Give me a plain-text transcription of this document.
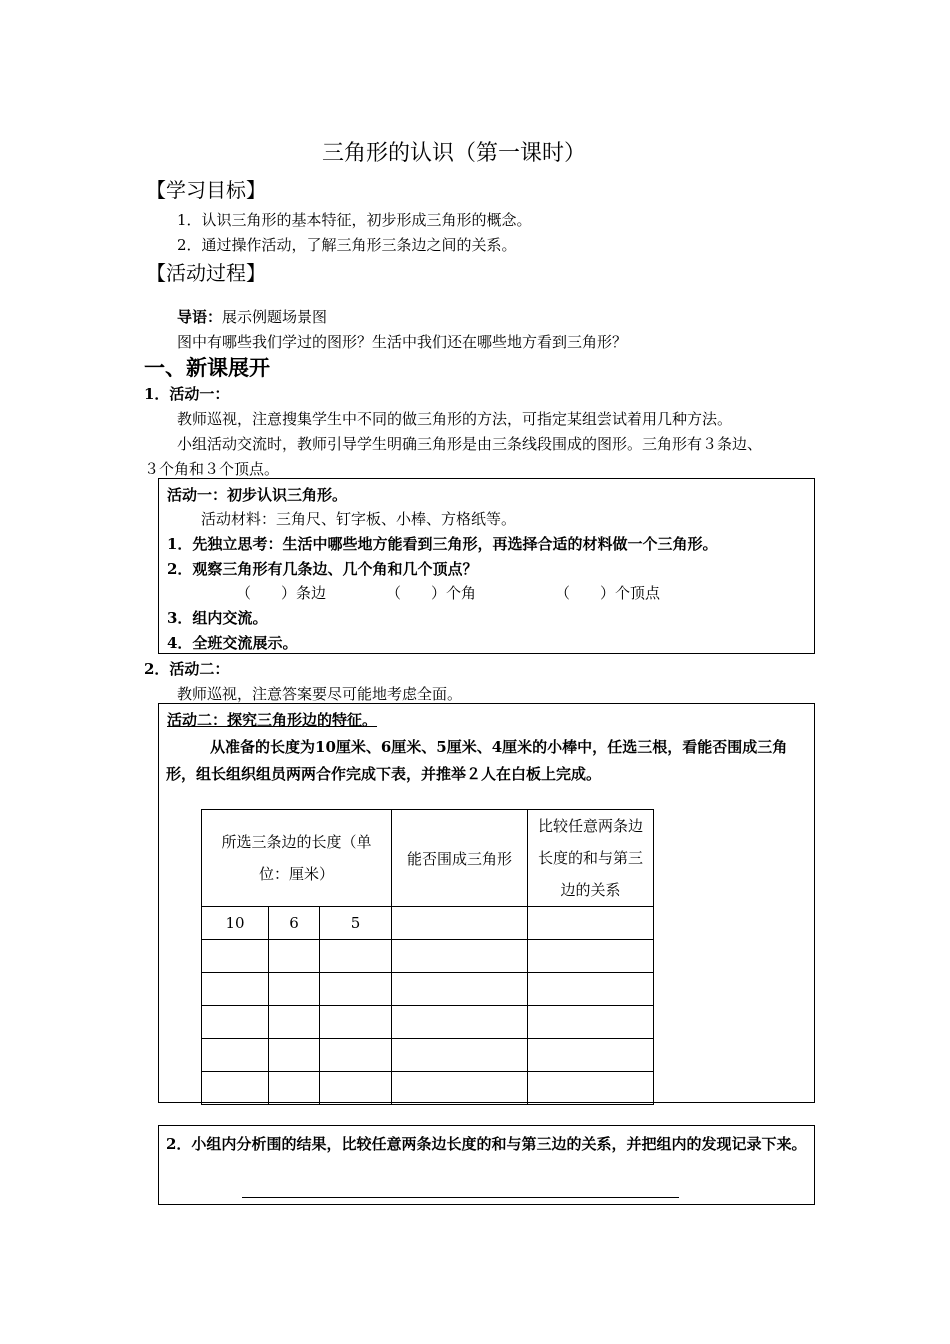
三角形的认识（第一课时）
【学习目标】
1．认识三角形的基本特征，初步形成三角形的概念。
2．通过操作活动，了解三角形三条边之间的关系。
【活动过程】
导语：展示例题场景图
图中有哪些我们学过的图形？生活中我们还在哪些地方看到三角形？
一、新课展开
1．活动一：
教师巡视，注意搜集学生中不同的做三角形的方法，可指定某组尝试着用几种方法。
小组活动交流时，教师引导学生明确三角形是由三条线段围成的图形。三角形有３条边、
３个角和３个顶点。
活动一：初步认识三角形。
活动材料：三角尺、钉字板、小棒、方格纸等。
1．先独立思考：生活中哪些地方能看到三角形，再选择合适的材料做一个三角形。
2．观察三角形有几条边、几个角和几个顶点？
（　　）条边	（　　）个角	（　　）个顶点
3．组内交流。
4．全班交流展示。
2．活动二：
教师巡视，注意答案要尽可能地考虑全面。
活动二：探究三角形边的特征。
从准备的长度为10厘米、6厘米、5厘米、4厘米的小棒中，任选三根，看能否围成三角形，组长组织组员两两合作完成下表，并推举２人在白板上完成。
所选三条边的长度（单位：厘米）			能否围成三角形	比较任意两条边长度的和与第三边的关系

10	6	5		

2．小组内分析围的结果，比较任意两条边长度的和与第三边的关系，并把组内的发现记录下来。
